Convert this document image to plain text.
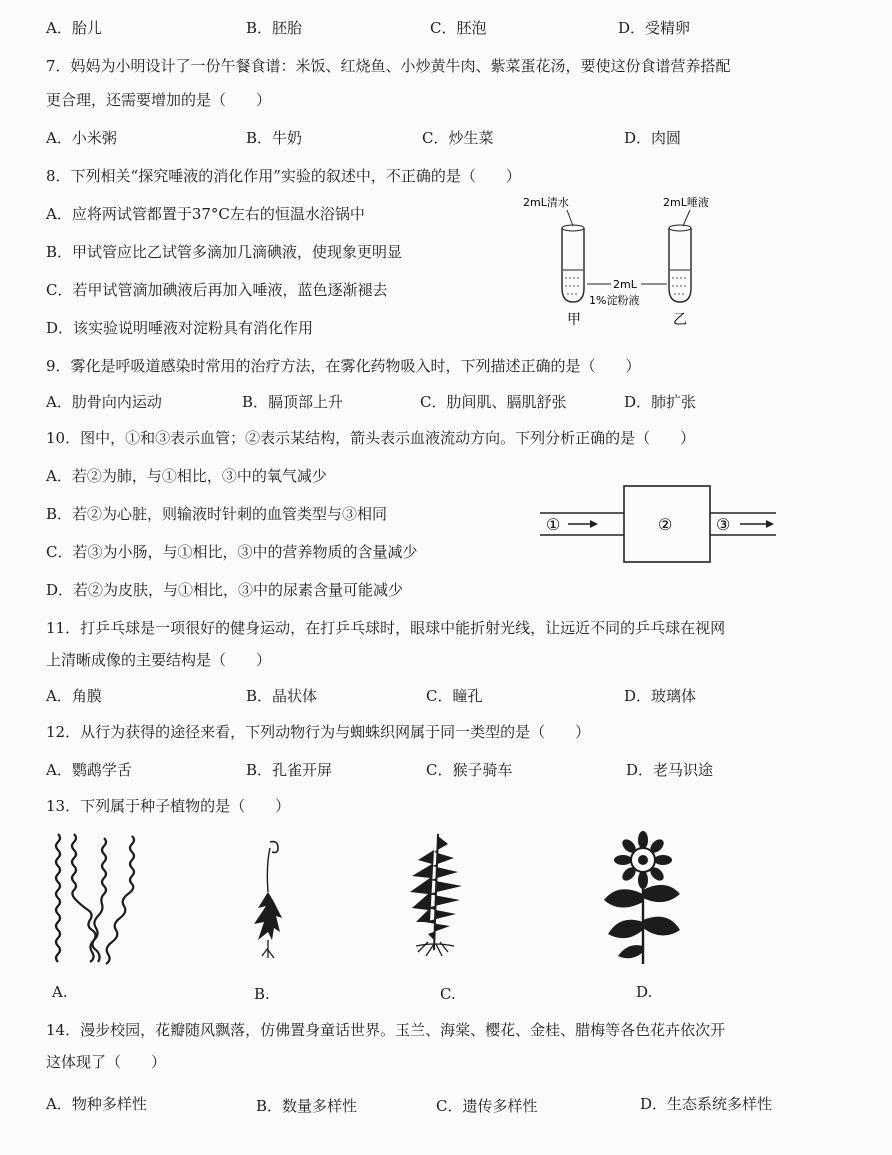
A．胎儿	B．胚胎	C．胚泡	D．受精卵
7．妈妈为小明设计了一份午餐食谱：米饭、红烧鱼、小炒黄牛肉、紫菜蛋花汤，要使这份食谱营养搭配
更合理，还需要增加的是（　　）
A．小米粥	B．牛奶	C．炒生菜	D．肉圆
8．下列相关“探究唾液的消化作用”实验的叙述中，不正确的是（　　）
A．应将两试管都置于37°C左右的恒温水浴锅中
B．甲试管应比乙试管多滴加几滴碘液，使现象更明显
C．若甲试管滴加碘液后再加入唾液，蓝色逐渐褪去
D．该实验说明唾液对淀粉具有消化作用
2mL清水	2mL唾液
2mL
1%淀粉液
甲	乙
9．雾化是呼吸道感染时常用的治疗方法，在雾化药物吸入时，下列描述正确的是（　　）
A．肋骨向内运动	B．膈顶部上升	C．肋间肌、膈肌舒张	D．肺扩张
10．图中，①和③表示血管；②表示某结构，箭头表示血液流动方向。下列分析正确的是（　　）
A．若②为肺，与①相比，③中的氧气减少
B．若②为心脏，则输液时针刺的血管类型与③相同
C．若③为小肠，与①相比，③中的营养物质的含量减少
D．若②为皮肤，与①相比，③中的尿素含量可能减少
①	②	③
11．打乒乓球是一项很好的健身运动，在打乒乓球时，眼球中能折射光线，让远近不同的乒乓球在视网
上清晰成像的主要结构是（　　）
A．角膜	B．晶状体	C．瞳孔	D．玻璃体
12．从行为获得的途径来看，下列动物行为与蜘蛛织网属于同一类型的是（　　）
A．鹦鹉学舌	B．孔雀开屏	C．猴子骑车	D．老马识途
13．下列属于种子植物的是（　　）
A.	B.	C.	D.
14．漫步校园，花瓣随风飘落，仿佛置身童话世界。玉兰、海棠、樱花、金桂、腊梅等各色花卉依次开
这体现了（　　）
A．物种多样性	B．数量多样性	C．遗传多样性	D．生态系统多样性
